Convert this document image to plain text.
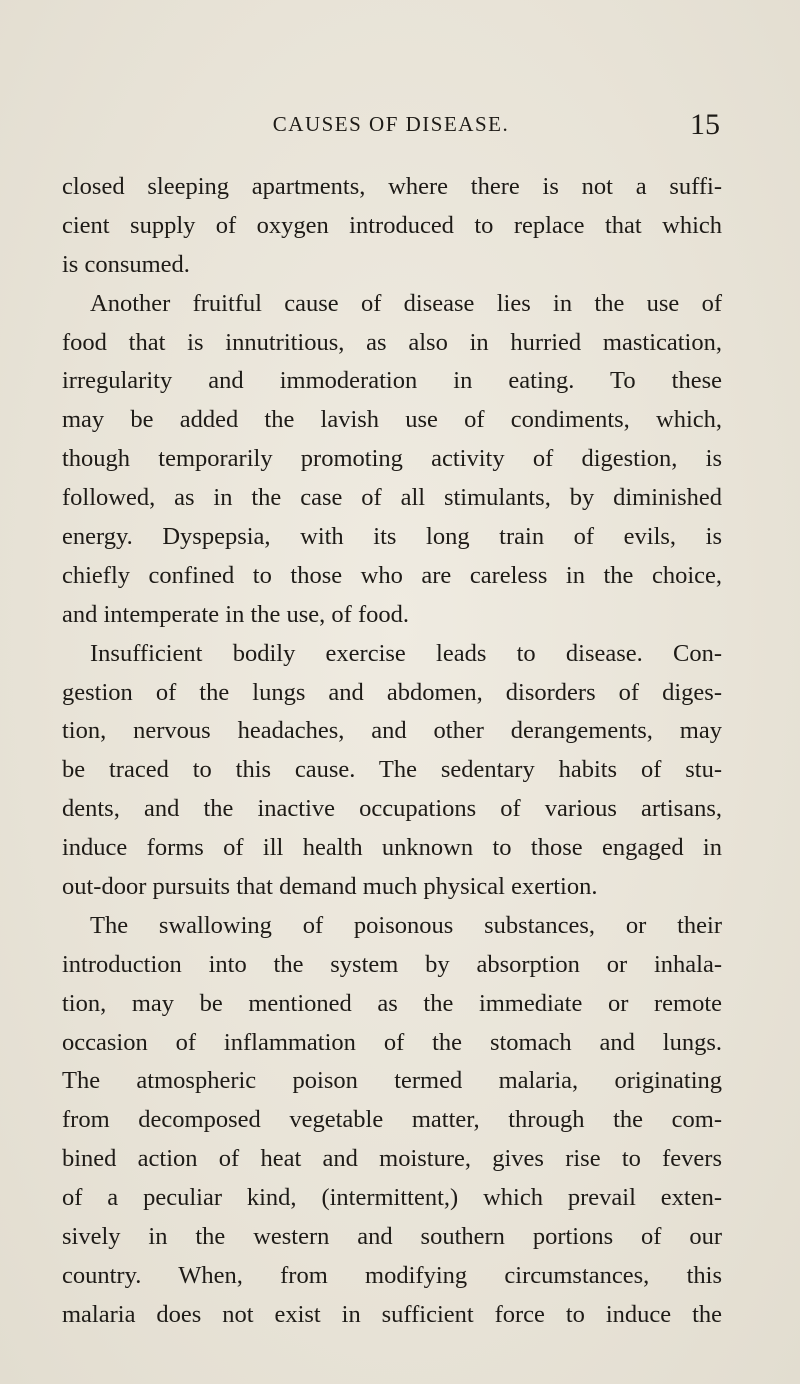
CAUSES OF DISEASE.	15
closed sleeping apartments, where there is not a suffi-
cient supply of oxygen introduced to replace that which
is consumed.
Another fruitful cause of disease lies in the use of
food that is innutritious, as also in hurried mastication,
irregularity and immoderation in eating. To these
may be added the lavish use of condiments, which,
though temporarily promoting activity of digestion, is
followed, as in the case of all stimulants, by diminished
energy. Dyspepsia, with its long train of evils, is
chiefly confined to those who are careless in the choice,
and intemperate in the use, of food.
Insufficient bodily exercise leads to disease. Con-
gestion of the lungs and abdomen, disorders of diges-
tion, nervous headaches, and other derangements, may
be traced to this cause. The sedentary habits of stu-
dents, and the inactive occupations of various artisans,
induce forms of ill health unknown to those engaged in
out-door pursuits that demand much physical exertion.
The swallowing of poisonous substances, or their
introduction into the system by absorption or inhala-
tion, may be mentioned as the immediate or remote
occasion of inflammation of the stomach and lungs.
The atmospheric poison termed malaria, originating
from decomposed vegetable matter, through the com-
bined action of heat and moisture, gives rise to fevers
of a peculiar kind, (intermittent,) which prevail exten-
sively in the western and southern portions of our
country. When, from modifying circumstances, this
malaria does not exist in sufficient force to induce the
